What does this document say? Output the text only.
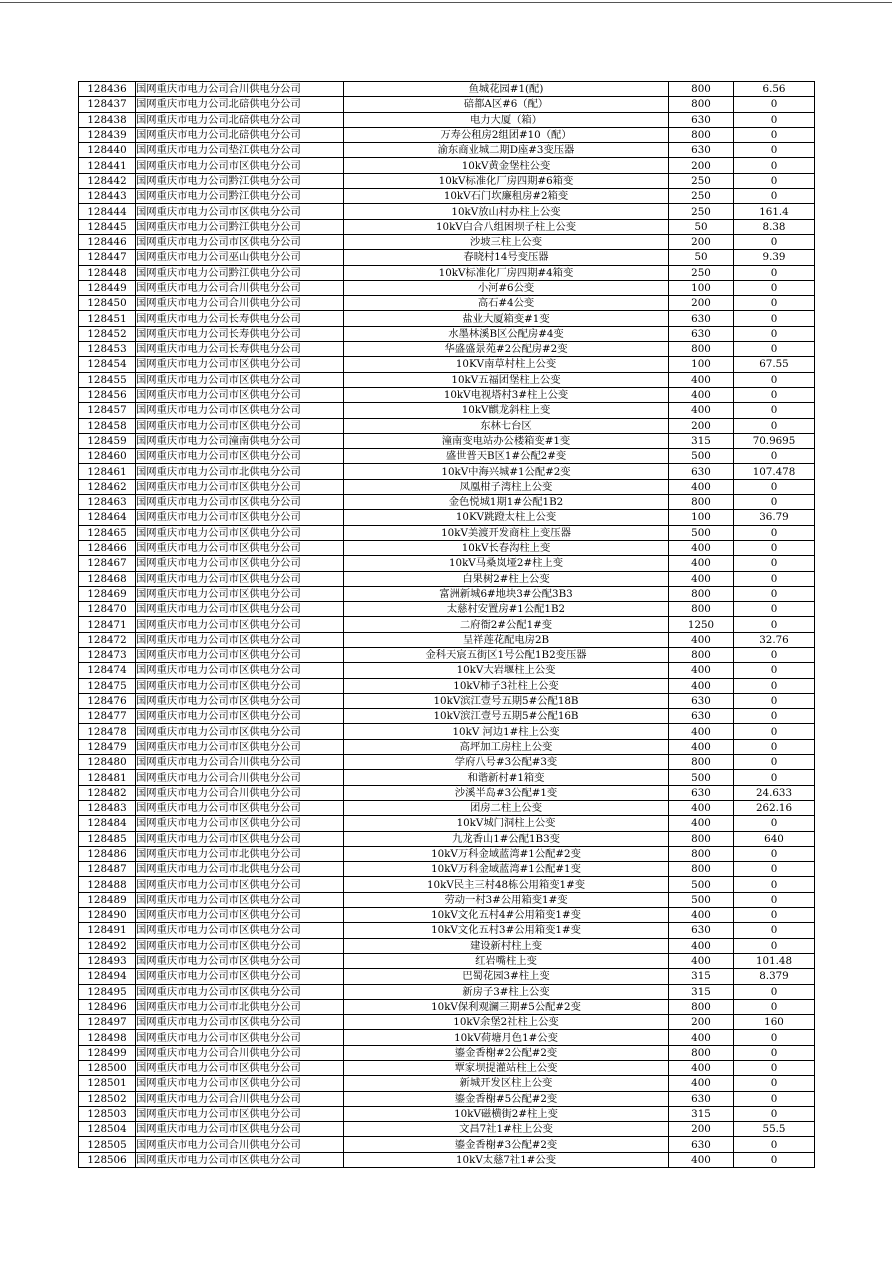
128436	国网重庆市电力公司合川供电分公司	鱼城花园#1(配)	800	6.56
128437	国网重庆市电力公司北碚供电分公司	碚都A区#6（配）	800	0
128438	国网重庆市电力公司北碚供电分公司	电力大厦（箱）	630	0
128439	国网重庆市电力公司北碚供电分公司	万寿公租房2组团#10（配）	800	0
128440	国网重庆市电力公司垫江供电分公司	渝东商业城二期D座#3变压器	630	0
128441	国网重庆市电力公司市区供电分公司	10kV黄金堡柱公变	200	0
128442	国网重庆市电力公司黔江供电分公司	10kV标准化厂房四期#6箱变	250	0
128443	国网重庆市电力公司黔江供电分公司	10kV石门坎廉租房#2箱变	250	0
128444	国网重庆市电力公司市区供电分公司	10kV放山村办柱上公变	250	161.4
128445	国网重庆市电力公司黔江供电分公司	10kV白合八组困坝子柱上公变	50	8.38
128446	国网重庆市电力公司市区供电分公司	沙坡三柱上公变	200	0
128447	国网重庆市电力公司巫山供电分公司	春晓村14号变压器	50	9.39
128448	国网重庆市电力公司黔江供电分公司	10kV标准化厂房四期#4箱变	250	0
128449	国网重庆市电力公司合川供电分公司	小河#6公变	100	0
128450	国网重庆市电力公司合川供电分公司	高石#4公变	200	0
128451	国网重庆市电力公司长寿供电分公司	盐业大厦箱变#1变	630	0
128452	国网重庆市电力公司长寿供电分公司	水墨林溪B区公配房#4变	630	0
128453	国网重庆市电力公司长寿供电分公司	华盛盛景苑#2公配房#2变	800	0
128454	国网重庆市电力公司市区供电分公司	10KV南草村柱上公变	100	67.55
128455	国网重庆市电力公司市区供电分公司	10kV五福团堡柱上公变	400	0
128456	国网重庆市电力公司市区供电分公司	10kV电视塔村3#柱上公变	400	0
128457	国网重庆市电力公司市区供电分公司	10kV麒龙斜柱上变	400	0
128458	国网重庆市电力公司市区供电分公司	东林七台区	200	0
128459	国网重庆市电力公司潼南供电分公司	潼南变电站办公楼箱变#1变	315	70.9695
128460	国网重庆市电力公司市区供电分公司	盛世普天B区1#公配2#变	500	0
128461	国网重庆市电力公司市北供电分公司	10kV中海兴城#1公配#2变	630	107.478
128462	国网重庆市电力公司市区供电分公司	凤凰柑子湾柱上公变	400	0
128463	国网重庆市电力公司市区供电分公司	金色悦城1期1#公配1B2	800	0
128464	国网重庆市电力公司市区供电分公司	10KV跳蹬太柱上公变	100	36.79
128465	国网重庆市电力公司市区供电分公司	10kV美渡开发商柱上变压器	500	0
128466	国网重庆市电力公司市区供电分公司	10kV长春沟柱上变	400	0
128467	国网重庆市电力公司市区供电分公司	10kV马桑岚垭2#柱上变	400	0
128468	国网重庆市电力公司市区供电分公司	白果树2#柱上公变	400	0
128469	国网重庆市电力公司市区供电分公司	富洲新城6#地块3#公配3B3	800	0
128470	国网重庆市电力公司市区供电分公司	太慈村安置房#1公配1B2	800	0
128471	国网重庆市电力公司市区供电分公司	二府衙2#公配1#变	1250	0
128472	国网重庆市电力公司市区供电分公司	呈祥莲花配电房2B	400	32.76
128473	国网重庆市电力公司市区供电分公司	金科天宸五街区1号公配1B2变压器	800	0
128474	国网重庆市电力公司市区供电分公司	10kV大岩堰柱上公变	400	0
128475	国网重庆市电力公司市区供电分公司	10kV柿子3社柱上公变	400	0
128476	国网重庆市电力公司市区供电分公司	10kV滨江壹号五期5#公配18B	630	0
128477	国网重庆市电力公司市区供电分公司	10kV滨江壹号五期5#公配16B	630	0
128478	国网重庆市电力公司市区供电分公司	10kV 河边1#柱上公变	400	0
128479	国网重庆市电力公司市区供电分公司	高坪加工房柱上公变	400	0
128480	国网重庆市电力公司合川供电分公司	学府八号#3公配#3变	800	0
128481	国网重庆市电力公司合川供电分公司	和谐新村#1箱变	500	0
128482	国网重庆市电力公司合川供电分公司	沙溪半岛#3公配#1变	630	24.633
128483	国网重庆市电力公司市区供电分公司	团房二柱上公变	400	262.16
128484	国网重庆市电力公司市区供电分公司	10kV城门洞柱上公变	400	0
128485	国网重庆市电力公司市区供电分公司	九龙香山1#公配1B3变	800	640
128486	国网重庆市电力公司市北供电分公司	10kV万科金域蓝湾#1公配#2变	800	0
128487	国网重庆市电力公司市北供电分公司	10kV万科金域蓝湾#1公配#1变	800	0
128488	国网重庆市电力公司市区供电分公司	10kV民主三村48栋公用箱变1#变	500	0
128489	国网重庆市电力公司市区供电分公司	劳动一村3#公用箱变1#变	500	0
128490	国网重庆市电力公司市区供电分公司	10kV文化五村4#公用箱变1#变	400	0
128491	国网重庆市电力公司市区供电分公司	10kV文化五村3#公用箱变1#变	630	0
128492	国网重庆市电力公司市区供电分公司	建设新村柱上变	400	0
128493	国网重庆市电力公司市区供电分公司	红岩嘴柱上变	400	101.48
128494	国网重庆市电力公司市区供电分公司	巴蜀花园3#柱上变	315	8.379
128495	国网重庆市电力公司市区供电分公司	新房子3#柱上公变	315	0
128496	国网重庆市电力公司市北供电分公司	10kV保利观澜三期#5公配#2变	800	0
128497	国网重庆市电力公司市区供电分公司	10kV余堡2社柱上公变	200	160
128498	国网重庆市电力公司市区供电分公司	10kV荷塘月色1#公变	400	0
128499	国网重庆市电力公司合川供电分公司	鎏金香榭#2公配#2变	800	0
128500	国网重庆市电力公司市区供电分公司	覃家坝提灌站柱上公变	400	0
128501	国网重庆市电力公司市区供电分公司	新城开发区柱上公变	400	0
128502	国网重庆市电力公司合川供电分公司	鎏金香榭#5公配#2变	630	0
128503	国网重庆市电力公司市区供电分公司	10kV磁横街2#柱上变	315	0
128504	国网重庆市电力公司市区供电分公司	文昌7社1#柱上公变	200	55.5
128505	国网重庆市电力公司合川供电分公司	鎏金香榭#3公配#2变	630	0
128506	国网重庆市电力公司市区供电分公司	10kV太慈7社1#公变	400	0
